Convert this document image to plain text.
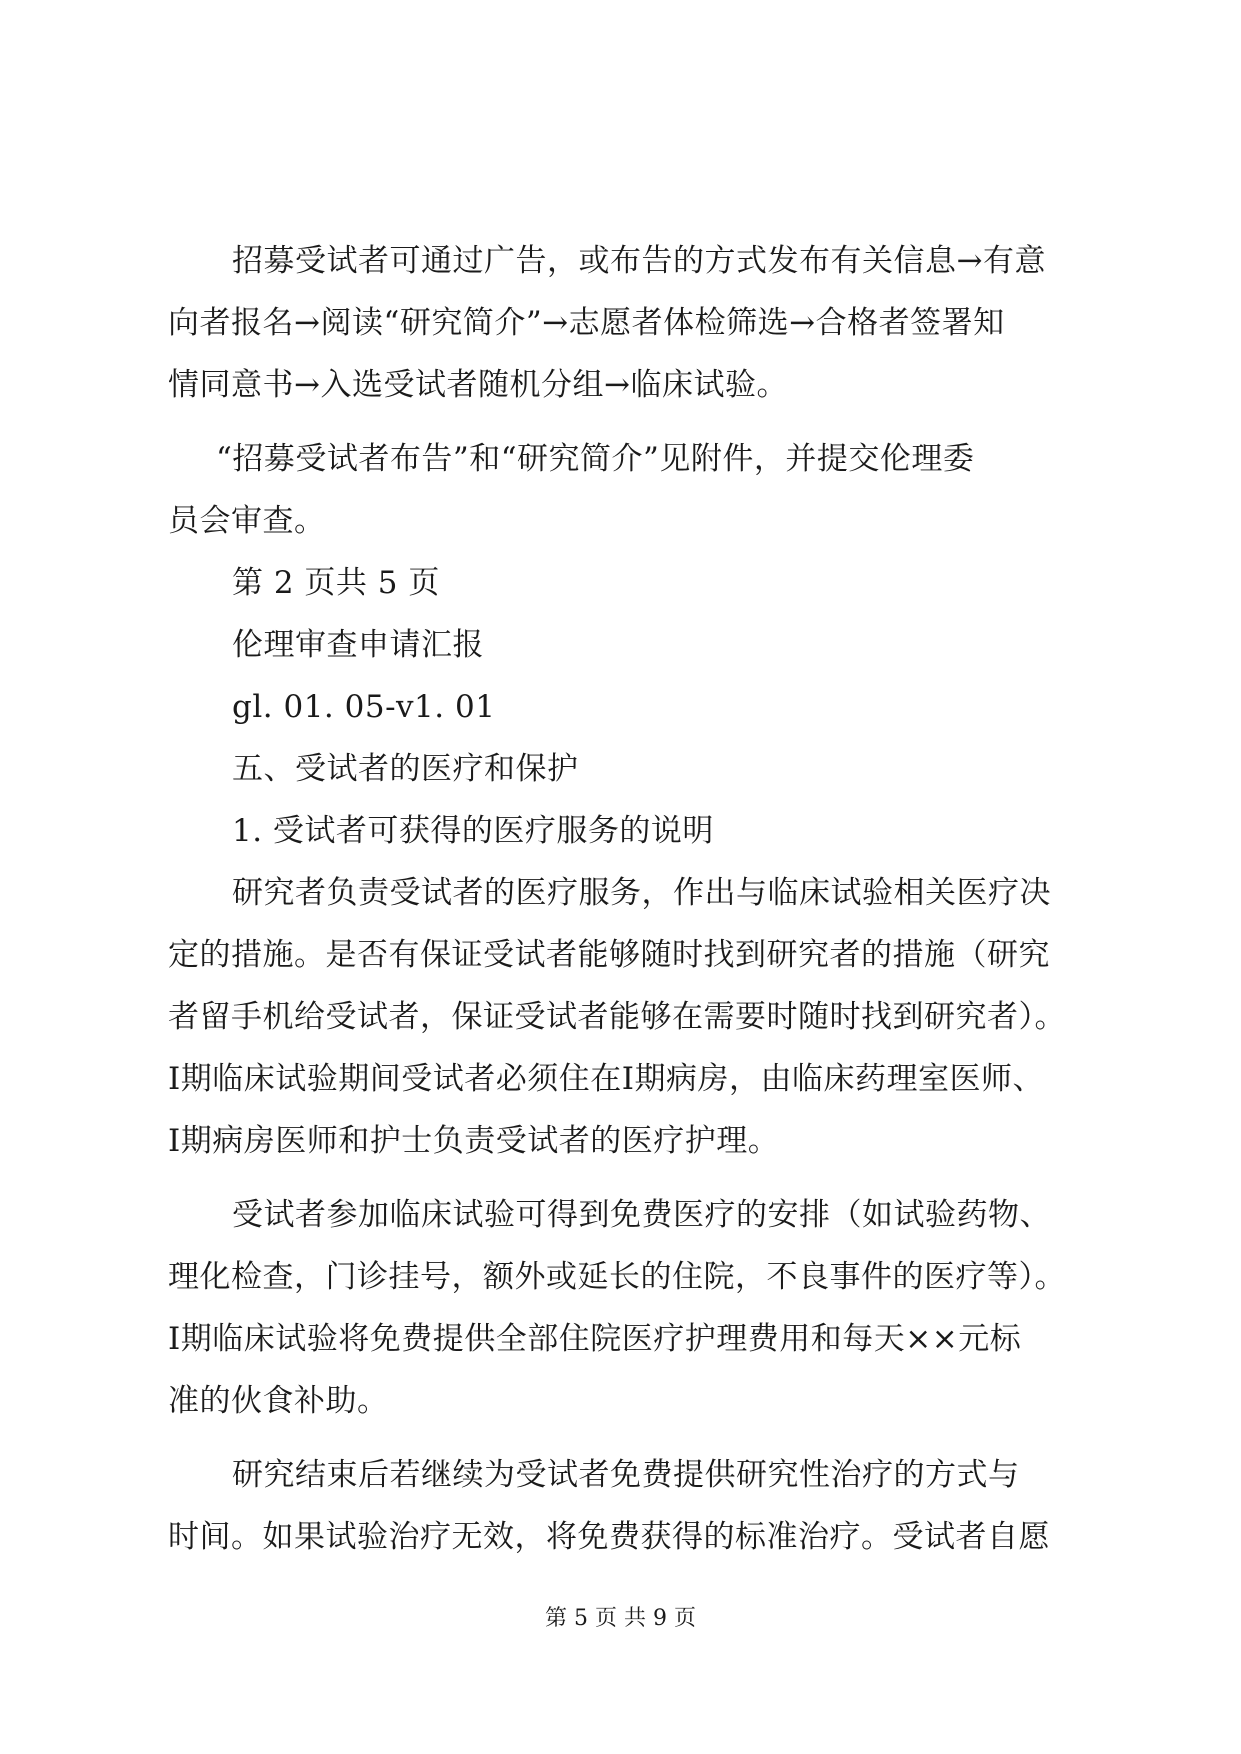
招募受试者可通过广告，或布告的方式发布有关信息→有意
向者报名→阅读“研究简介”→志愿者体检筛选→合格者签署知
情同意书→入选受试者随机分组→临床试验。
“招募受试者布告”和“研究简介”见附件，并提交伦理委
员会审查。
第 2 页共 5 页
伦理审查申请汇报
gl. 01. 05-v1. 01
五、受试者的医疗和保护
1. 受试者可获得的医疗服务的说明
研究者负责受试者的医疗服务，作出与临床试验相关医疗决
定的措施。是否有保证受试者能够随时找到研究者的措施（研究
者留手机给受试者，保证受试者能够在需要时随时找到研究者）。
Ⅰ期临床试验期间受试者必须住在Ⅰ期病房，由临床药理室医师、
Ⅰ期病房医师和护士负责受试者的医疗护理。
受试者参加临床试验可得到免费医疗的安排（如试验药物、
理化检查，门诊挂号，额外或延长的住院，不良事件的医疗等）。
Ⅰ期临床试验将免费提供全部住院医疗护理费用和每天××元标
准的伙食补助。
研究结束后若继续为受试者免费提供研究性治疗的方式与
时间。如果试验治疗无效，将免费获得的标准治疗。受试者自愿
第 5 页 共 9 页
